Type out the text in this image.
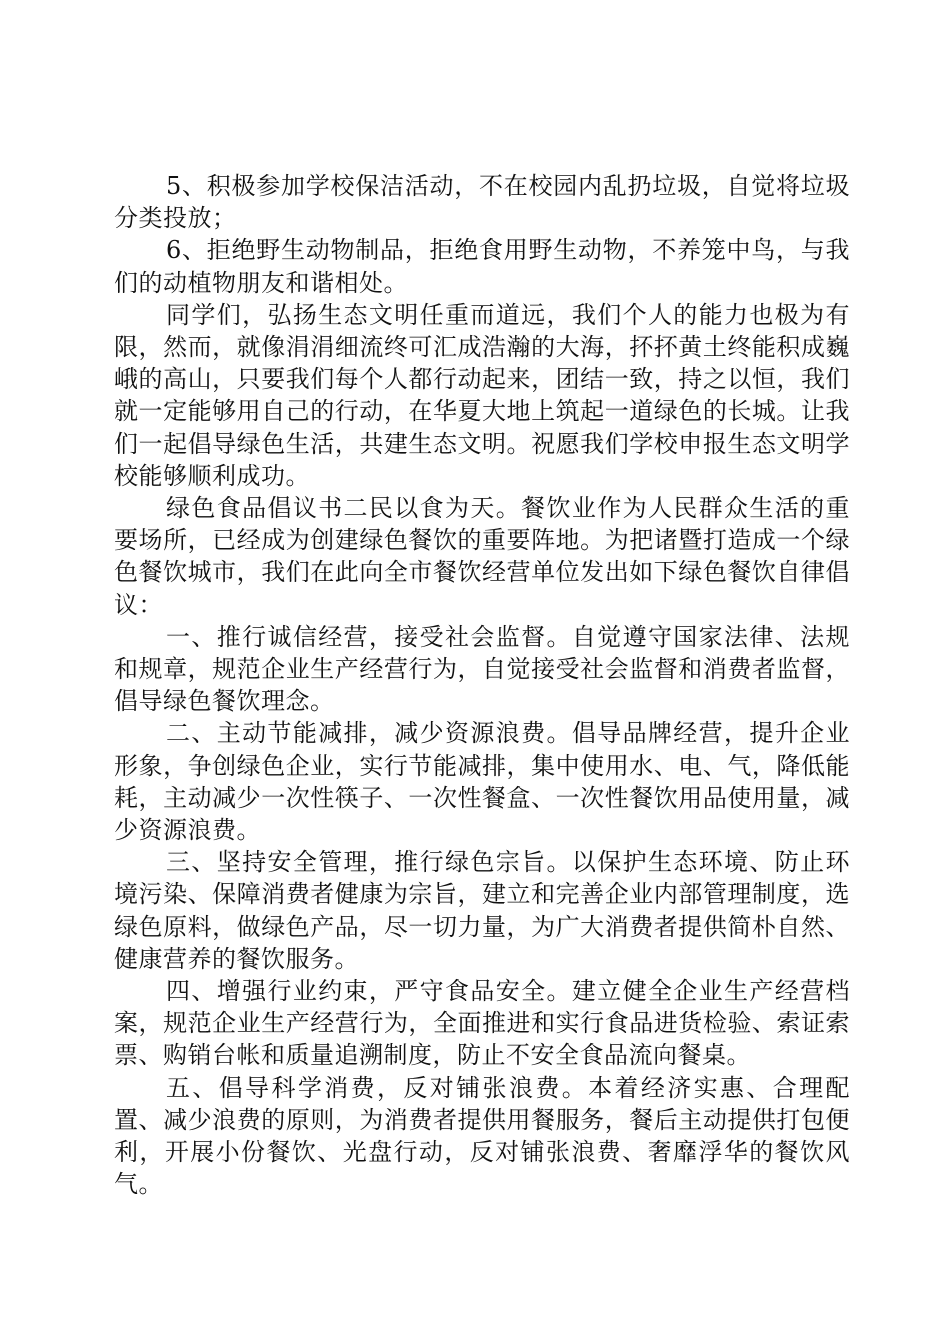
5、积极参加学校保洁活动，不在校园内乱扔垃圾，自觉将垃圾分类投放；

6、拒绝野生动物制品，拒绝食用野生动物，不养笼中鸟，与我们的动植物朋友和谐相处。

同学们，弘扬生态文明任重而道远，我们个人的能力也极为有限，然而，就像涓涓细流终可汇成浩瀚的大海，抔抔黄土终能积成巍峨的高山，只要我们每个人都行动起来，团结一致，持之以恒，我们就一定能够用自己的行动，在华夏大地上筑起一道绿色的长城。让我们一起倡导绿色生活，共建生态文明。祝愿我们学校申报生态文明学校能够顺利成功。

绿色食品倡议书二民以食为天。餐饮业作为人民群众生活的重要场所，已经成为创建绿色餐饮的重要阵地。为把诸暨打造成一个绿色餐饮城市，我们在此向全市餐饮经营单位发出如下绿色餐饮自律倡议：

一、推行诚信经营，接受社会监督。自觉遵守国家法律、法规和规章，规范企业生产经营行为，自觉接受社会监督和消费者监督，倡导绿色餐饮理念。

二、主动节能减排，减少资源浪费。倡导品牌经营，提升企业形象，争创绿色企业，实行节能减排，集中使用水、电、气，降低能耗，主动减少一次性筷子、一次性餐盒、一次性餐饮用品使用量，减少资源浪费。

三、坚持安全管理，推行绿色宗旨。以保护生态环境、防止环境污染、保障消费者健康为宗旨，建立和完善企业内部管理制度，选绿色原料，做绿色产品，尽一切力量，为广大消费者提供简朴自然、健康营养的餐饮服务。

四、增强行业约束，严守食品安全。建立健全企业生产经营档案，规范企业生产经营行为，全面推进和实行食品进货检验、索证索票、购销台帐和质量追溯制度，防止不安全食品流向餐桌。

五、倡导科学消费，反对铺张浪费。本着经济实惠、合理配置、减少浪费的原则，为消费者提供用餐服务，餐后主动提供打包便利，开展小份餐饮、光盘行动，反对铺张浪费、奢靡浮华的餐饮风气。
